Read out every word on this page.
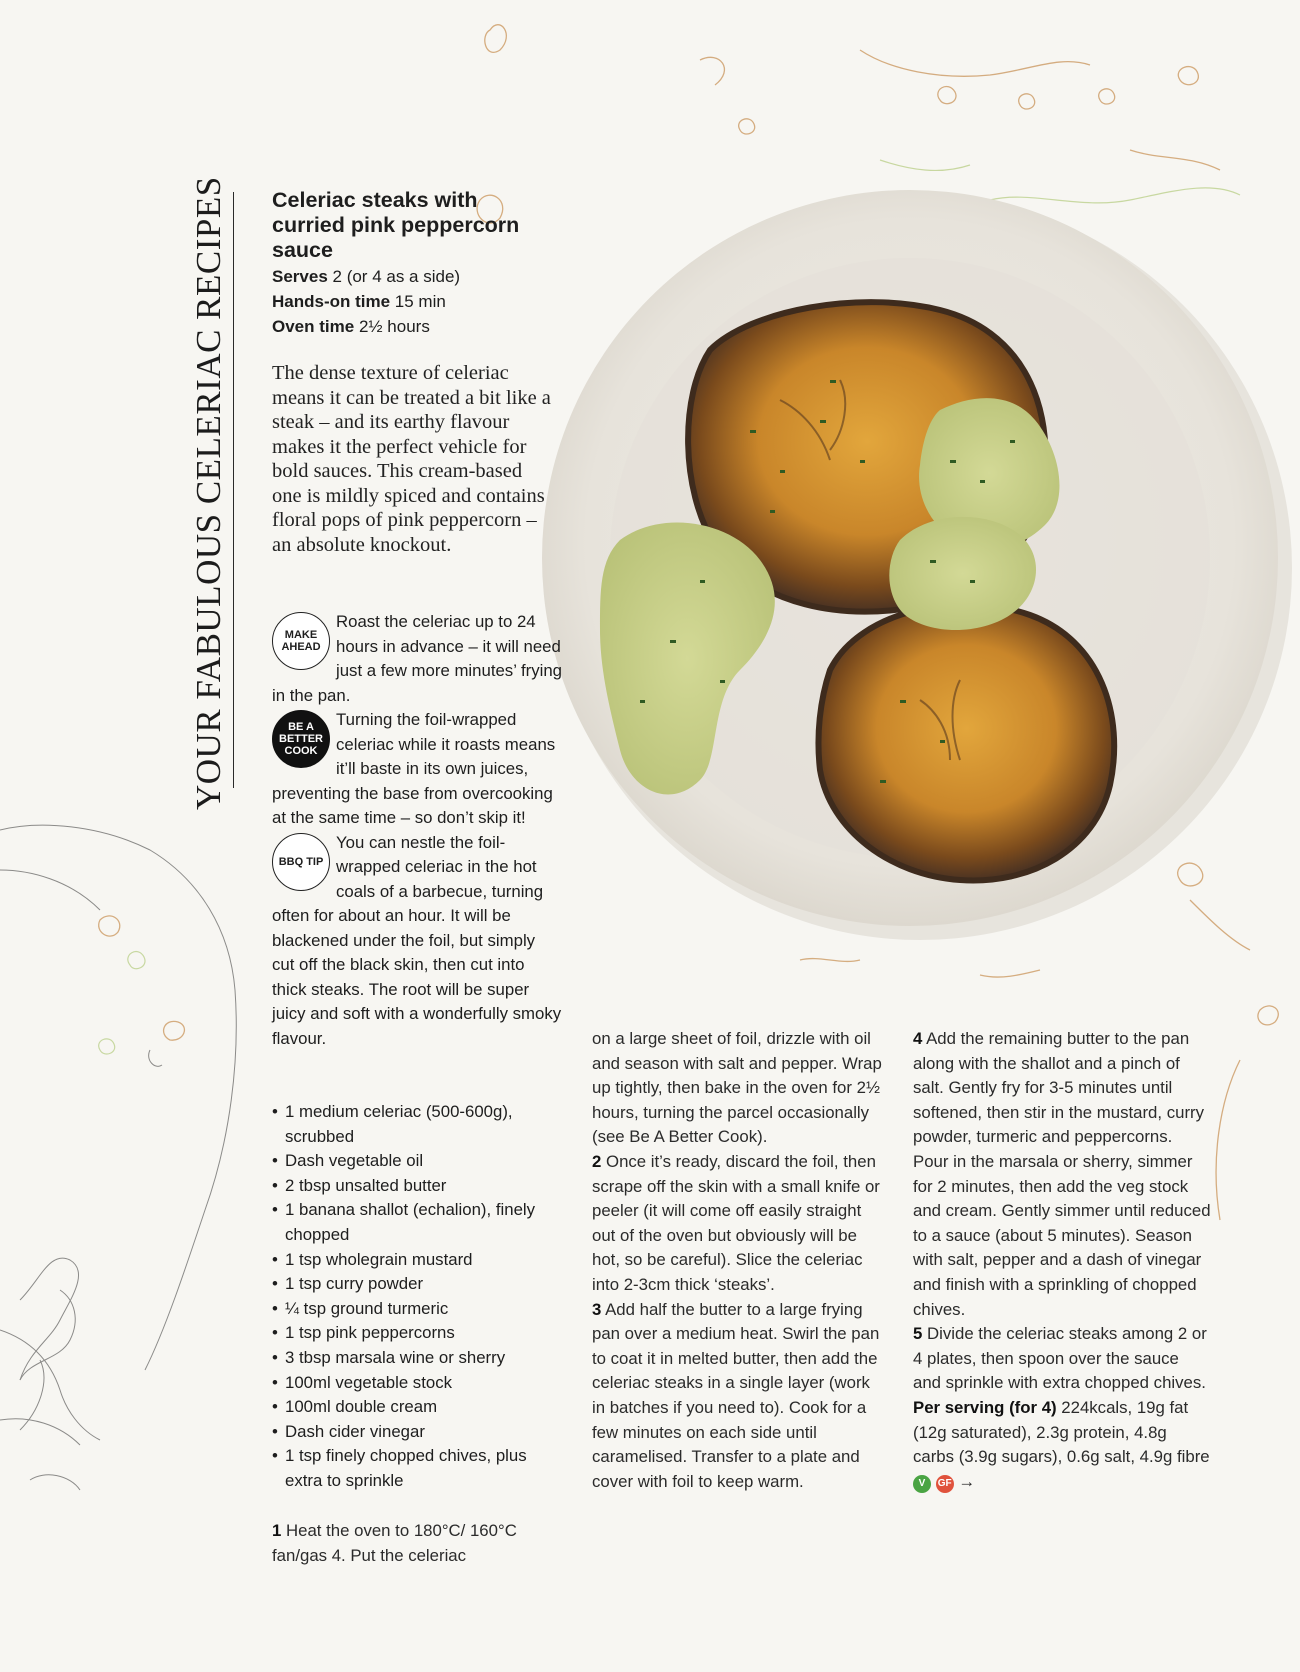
YOUR FABULOUS CELERIAC RECIPES Celeriac steaks with curried pink peppercorn sauce
Serves 2 (or 4 as a side)
Hands-on time 15 min
Oven time 2½ hours

The dense texture of celeriac means it can be treated a bit like a steak – and its earthy flavour makes it the perfect vehicle for bold sauces. This cream-based one is mildly spiced and contains floral pops of pink peppercorn – an absolute knockout.

MAKE AHEAD
Roast the celeriac up to 24 hours in advance – it will need just a few more minutes’ frying in the pan.

BE A BETTER COOK
Turning the foil-wrapped celeriac while it roasts means it’ll baste in its own juices, preventing the base from overcooking at the same time – so don’t skip it!

BBQ TIP
You can nestle the foil-wrapped celeriac in the hot coals of a barbecue, turning often for about an hour. It will be blackened under the foil, but simply cut off the black skin, then cut into thick steaks. The root will be super juicy and soft with a wonderfully smoky flavour.

• 1 medium celeriac (500-600g), scrubbed
• Dash vegetable oil
• 2 tbsp unsalted butter
• 1 banana shallot (echalion), finely chopped
• 1 tsp wholegrain mustard
• 1 tsp curry powder
• ¼ tsp ground turmeric
• 1 tsp pink peppercorns
• 3 tbsp marsala wine or sherry
• 100ml vegetable stock
• 100ml double cream
• Dash cider vinegar
• 1 tsp finely chopped chives, plus extra to sprinkle

1 Heat the oven to 180°C/ 160°C fan/gas 4. Put the celeriac

on a large sheet of foil, drizzle with oil and season with salt and pepper. Wrap up tightly, then bake in the oven for 2½ hours, turning the parcel occasionally (see Be A Better Cook).

2 Once it’s ready, discard the foil, then scrape off the skin with a small knife or peeler (it will come off easily straight out of the oven but obviously will be hot, so be careful). Slice the celeriac into 2-3cm thick ‘steaks’.

3 Add half the butter to a large frying pan over a medium heat. Swirl the pan to coat it in melted butter, then add the celeriac steaks in a single layer (work in batches if you need to). Cook for a few minutes on each side until caramelised. Transfer to a plate and cover with foil to keep warm.

4 Add the remaining butter to the pan along with the shallot and a pinch of salt. Gently fry for 3-5 minutes until softened, then stir in the mustard, curry powder, turmeric and peppercorns. Pour in the marsala or sherry, simmer for 2 minutes, then add the veg stock and cream. Gently simmer until reduced to a sauce (about 5 minutes). Season with salt, pepper and a dash of vinegar and finish with a sprinkling of chopped chives.

5 Divide the celeriac steaks among 2 or 4 plates, then spoon over the sauce and sprinkle with extra chopped chives.

Per serving (for 4) 224kcals, 19g fat (12g saturated), 2.3g protein, 4.8g carbs (3.9g sugars), 0.6g salt, 4.9g fibre V GF →
